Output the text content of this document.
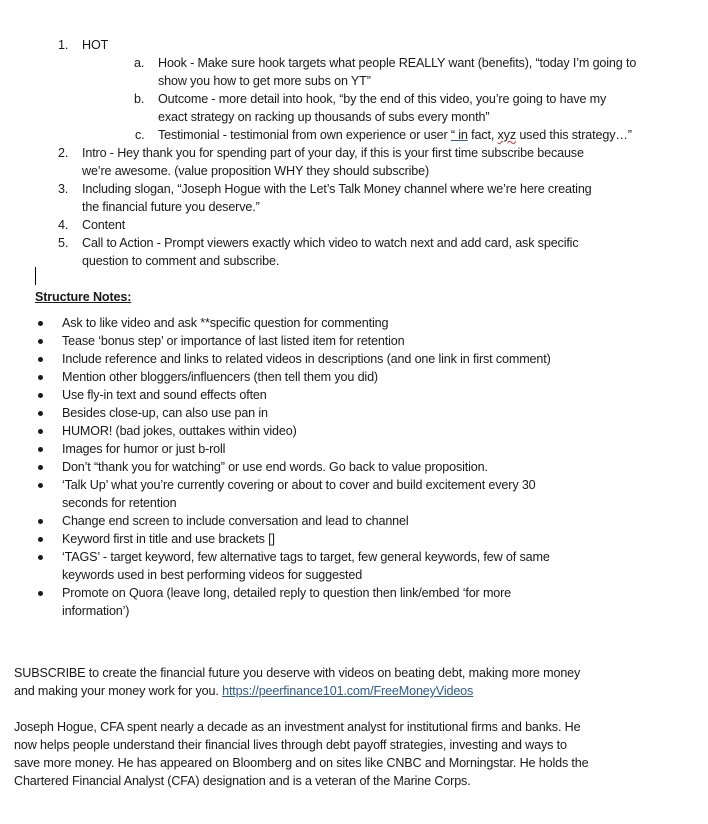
1. HOT
a. Hook - Make sure hook targets what people REALLY want (benefits), “today I’m going to
show you how to get more subs on YT”
b. Outcome - more detail into hook, “by the end of this video, you’re going to have my
exact strategy on racking up thousands of subs every month”
c. Testimonial - testimonial from own experience or user “ in fact, xyz used this strategy…”
2. Intro - Hey thank you for spending part of your day, if this is your first time subscribe because
we’re awesome. (value proposition WHY they should subscribe)
3. Including slogan, “Joseph Hogue with the Let’s Talk Money channel where we’re here creating
the financial future you deserve.”
4. Content
5. Call to Action - Prompt viewers exactly which video to watch next and add card, ask specific
question to comment and subscribe.
Structure Notes:
Ask to like video and ask **specific question for commenting
Tease ‘bonus step’ or importance of last listed item for retention
Include reference and links to related videos in descriptions (and one link in first comment)
Mention other bloggers/influencers (then tell them you did)
Use fly-in text and sound effects often
Besides close-up, can also use pan in
HUMOR! (bad jokes, outtakes within video)
Images for humor or just b-roll
Don’t “thank you for watching” or use end words. Go back to value proposition.
‘Talk Up’ what you’re currently covering or about to cover and build excitement every 30
seconds for retention
Change end screen to include conversation and lead to channel
Keyword first in title and use brackets []
‘TAGS’ - target keyword, few alternative tags to target, few general keywords, few of same
keywords used in best performing videos for suggested
Promote on Quora (leave long, detailed reply to question then link/embed ‘for more
information’)
SUBSCRIBE to create the financial future you deserve with videos on beating debt, making more money
and making your money work for you. https://peerfinance101.com/FreeMoneyVideos
Joseph Hogue, CFA spent nearly a decade as an investment analyst for institutional firms and banks. He
now helps people understand their financial lives through debt payoff strategies, investing and ways to
save more money. He has appeared on Bloomberg and on sites like CNBC and Morningstar. He holds the
Chartered Financial Analyst (CFA) designation and is a veteran of the Marine Corps.
